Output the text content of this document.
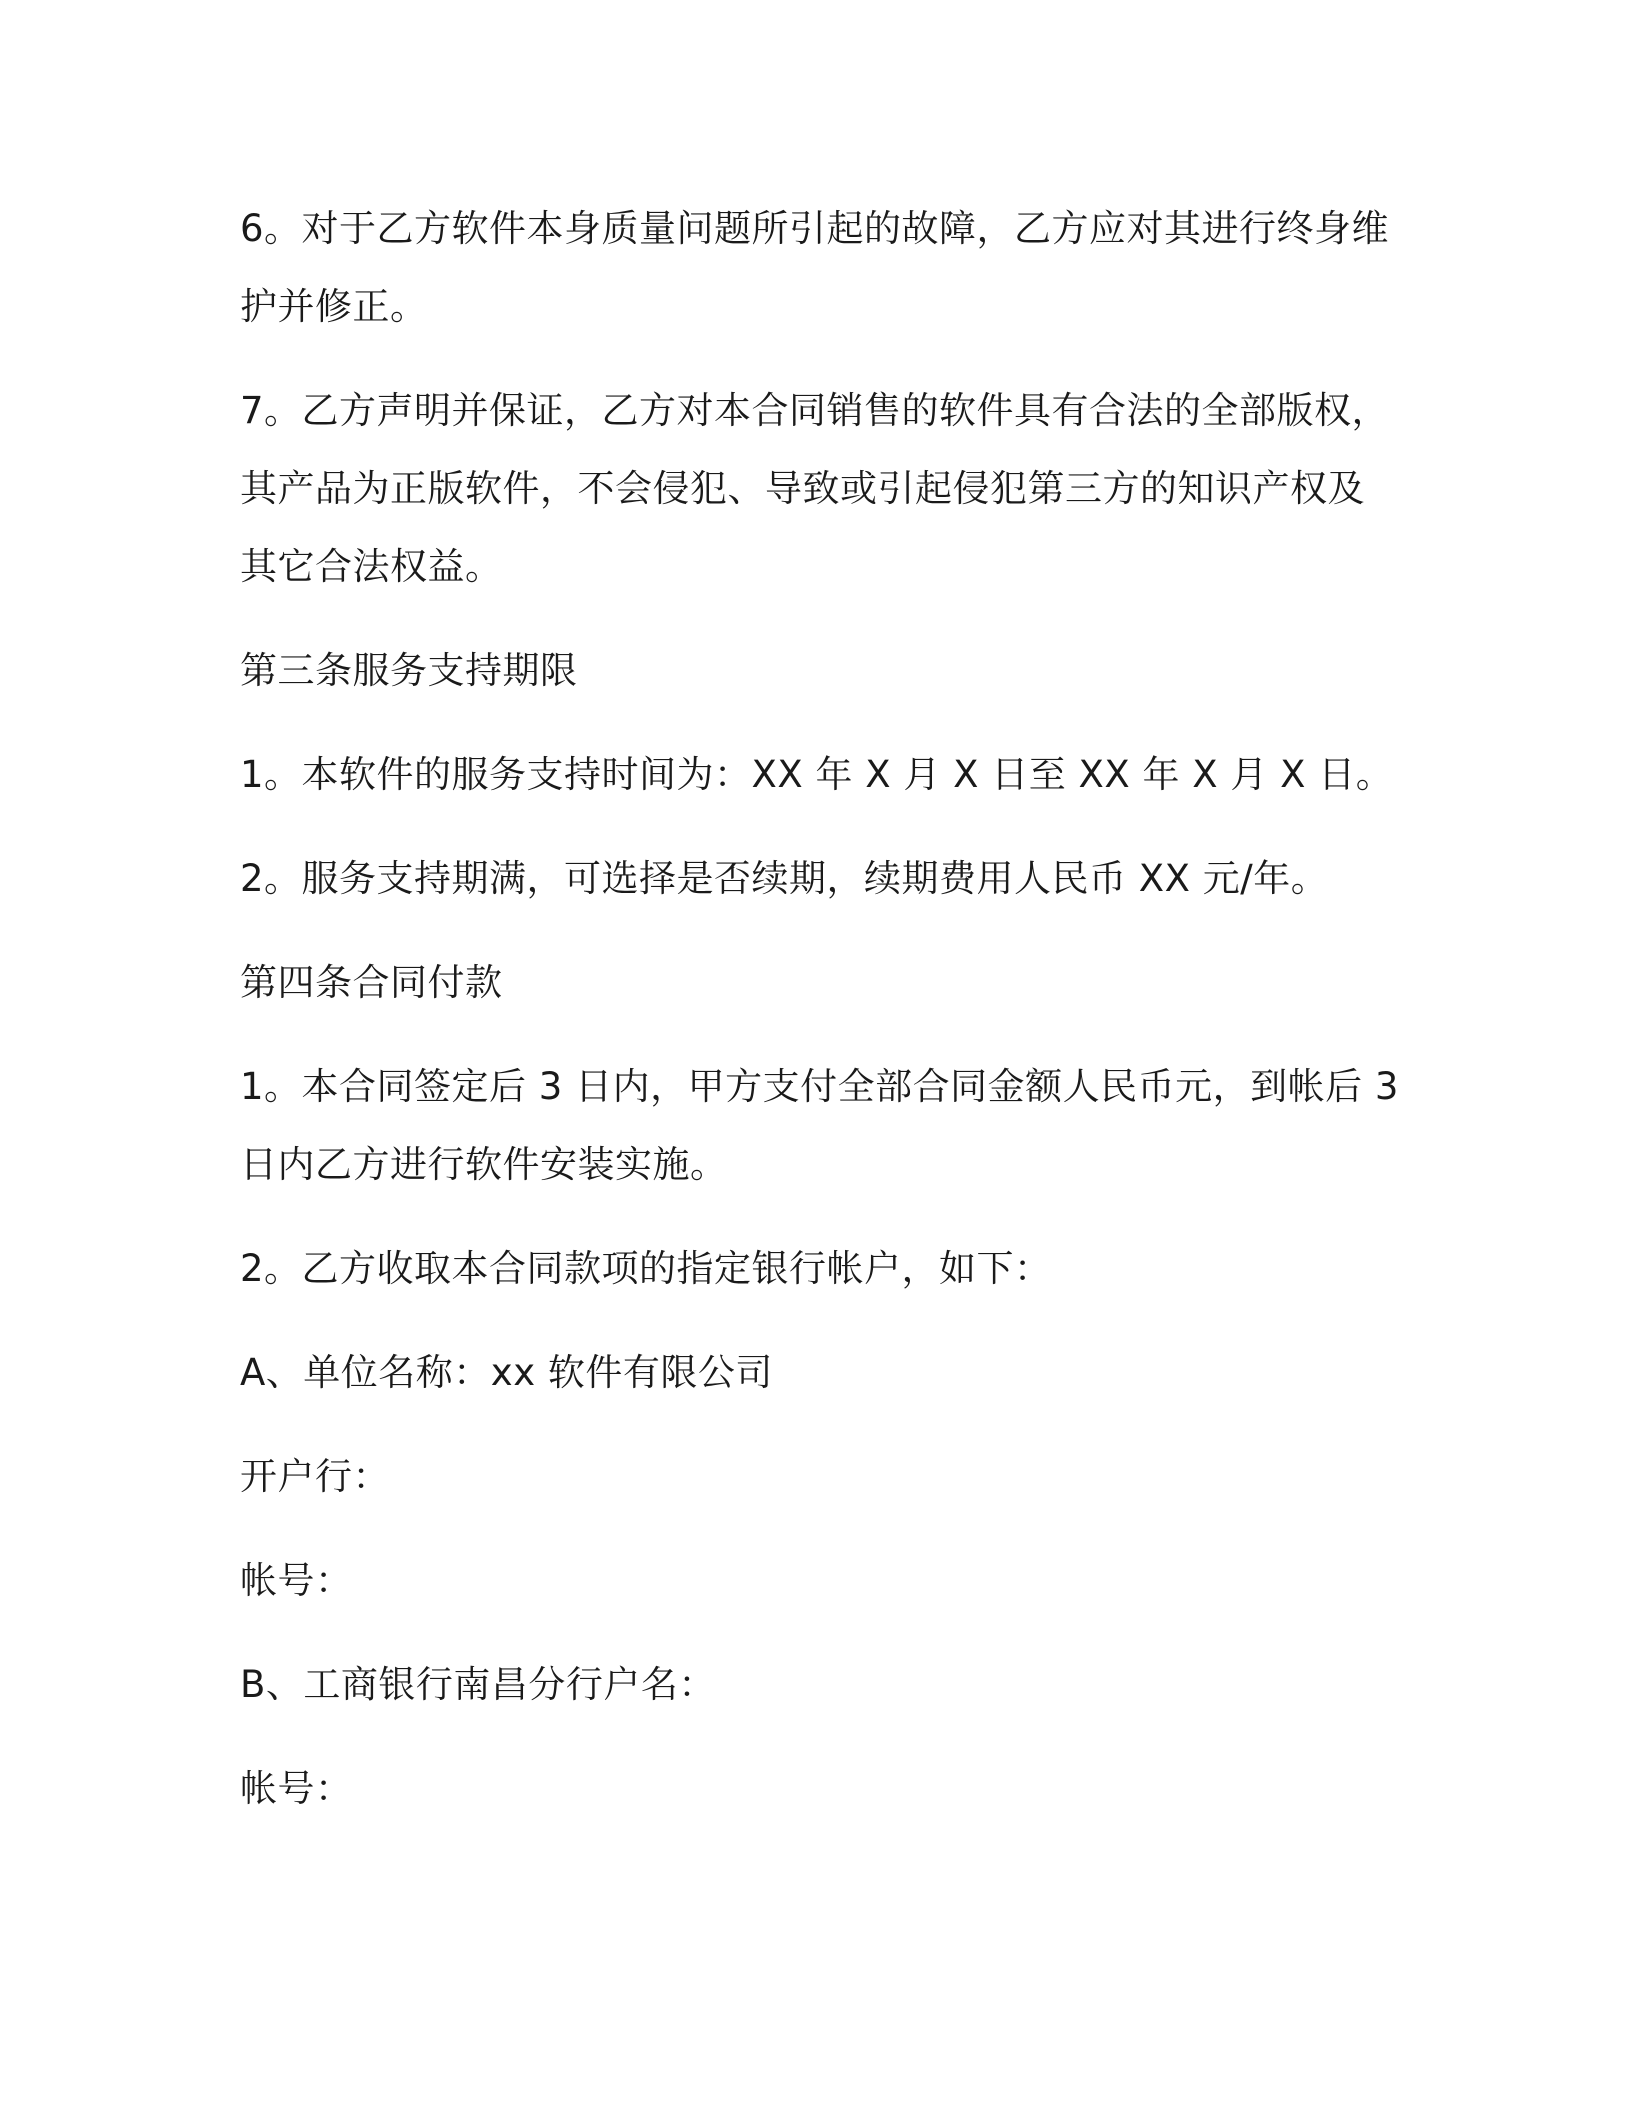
6。对于乙方软件本身质量问题所引起的故障，乙方应对其进行终身维护并修正。

7。乙方声明并保证，乙方对本合同销售的软件具有合法的全部版权，其产品为正版软件，不会侵犯、导致或引起侵犯第三方的知识产权及其它合法权益。

第三条服务支持期限

1。本软件的服务支持时间为：XX 年 X 月 X 日至 XX 年 X 月 X 日。

2。服务支持期满，可选择是否续期，续期费用人民币 XX 元/年。

第四条合同付款

1。本合同签定后 3 日内，甲方支付全部合同金额人民币元，到帐后 3 日内乙方进行软件安装实施。

2。乙方收取本合同款项的指定银行帐户，如下：

A、单位名称：xx 软件有限公司

开户行：

帐号：

B、工商银行南昌分行户名：

帐号：
